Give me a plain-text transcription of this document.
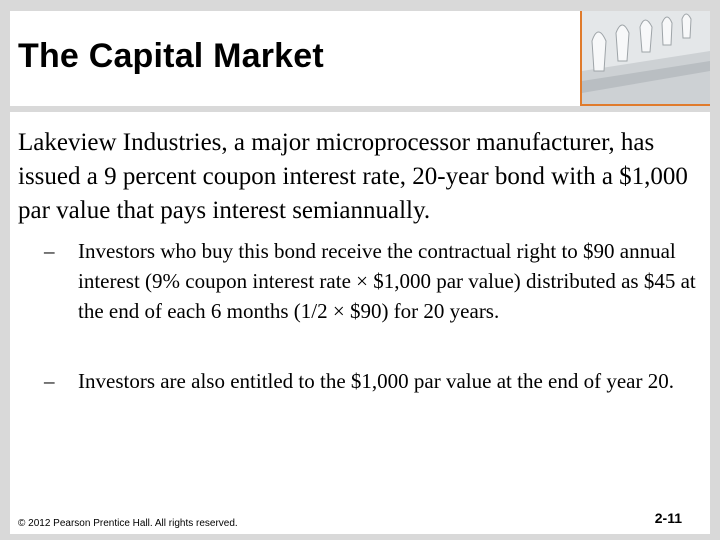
The Capital Market

Lakeview Industries, a major microprocessor manufacturer, has issued a 9 percent coupon interest rate, 20-year bond with a $1,000 par value that pays interest semiannually.

– Investors who buy this bond receive the contractual right to $90 annual interest (9% coupon interest rate × $1,000 par value) distributed as $45 at the end of each 6 months (1/2 × $90) for 20 years.
– Investors are also entitled to the $1,000 par value at the end of year 20.
© 2012 Pearson Prentice Hall. All rights reserved.	2-11
